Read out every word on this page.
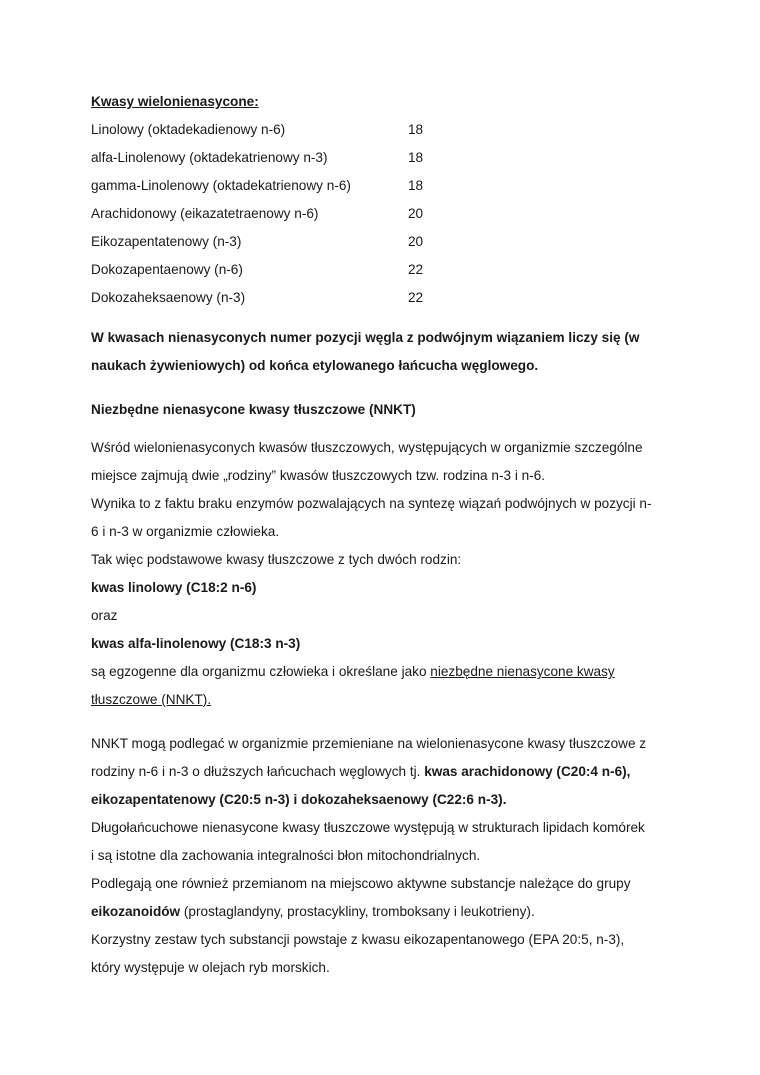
Kwasy wielonienasycone:
Linolowy (oktadekadienowy n-6)	18
alfa-Linolenowy (oktadekatrienowy n-3)	18
gamma-Linolenowy (oktadekatrienowy n-6)	18
Arachidonowy (eikazatetraenowy n-6)	20
Eikozapentatenowy (n-3)	20
Dokozapentaenowy (n-6)	22
Dokozaheksaenowy (n-3)	22
W kwasach nienasyconych numer pozycji węgla z podwójnym wiązaniem liczy się (w
naukach żywieniowych) od końca etylowanego łańcucha węglowego.
Niezbędne nienasycone kwasy tłuszczowe (NNKT)
Wśród wielonienasyconych kwasów tłuszczowych, występujących w organizmie szczególne
miejsce zajmują dwie „rodziny” kwasów tłuszczowych tzw. rodzina n-3 i n-6.
Wynika to z faktu braku enzymów pozwalających na syntezę wiązań podwójnych w pozycji n-
6 i n-3 w organizmie człowieka.
Tak więc podstawowe kwasy tłuszczowe z tych dwóch rodzin:
kwas linolowy (C18:2 n-6)
oraz
kwas alfa-linolenowy (C18:3 n-3)
są egzogenne dla organizmu człowieka i określane jako niezbędne nienasycone kwasy
tłuszczowe (NNKT).
NNKT mogą podlegać w organizmie przemieniane na wielonienasycone kwasy tłuszczowe z
rodziny n-6 i n-3 o dłuższych łańcuchach węglowych tj. kwas arachidonowy (C20:4 n-6),
eikozapentatenowy (C20:5 n-3) i dokozaheksaenowy (C22:6 n-3).
Długołańcuchowe nienasycone kwasy tłuszczowe występują w strukturach lipidach komórek
i są istotne dla zachowania integralności błon mitochondrialnych.
Podlegają one również przemianom na miejscowo aktywne substancje należące do grupy
eikozanoidów (prostaglandyny, prostacykliny, tromboksany i leukotrieny).
Korzystny zestaw tych substancji powstaje z kwasu eikozapentanowego (EPA 20:5, n-3),
który występuje w olejach ryb morskich.
